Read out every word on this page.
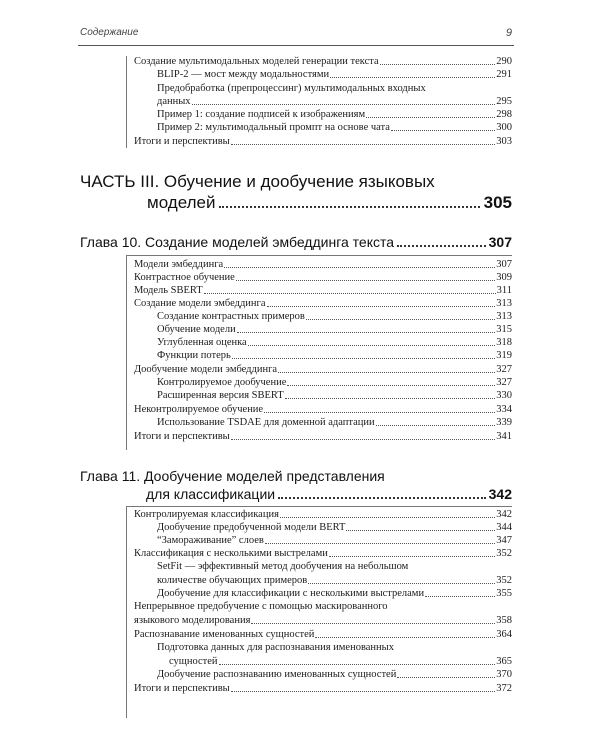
Содержание	9
Создание мультимодальных моделей генерации текста	290
BLIP-2 — мост между модальностями	291
Предобработка (препроцессинг) мультимодальных входных
данных	295
Пример 1: создание подписей к изображениям	298
Пример 2: мультимодальный промпт на основе чата	300
Итоги и перспективы	303
ЧАСТЬ III. Обучение и дообучение языковых
моделей	305
Глава 10. Создание моделей эмбеддинга текста	307
Модели эмбеддинга	307
Контрастное обучение	309
Модель SBERT	311
Создание модели эмбеддинга	313
Создание контрастных примеров	313
Обучение модели	315
Углубленная оценка	318
Функции потерь	319
Дообучение модели эмбеддинга	327
Контролируемое дообучение	327
Расширенная версия SBERT	330
Неконтролируемое обучение	334
Использование TSDAE для доменной адаптации	339
Итоги и перспективы	341
Глава 11. Дообучение моделей представления
для классификации	342
Контролируемая классификация	342
Дообучение предобученной модели BERT	344
“Замораживание” слоев	347
Классификация с несколькими выстрелами	352
SetFit — эффективный метод дообучения на небольшом
количестве обучающих примеров	352
Дообучение для классификации с несколькими выстрелами	355
Непрерывное предобучение с помощью маскированного
языкового моделирования	358
Распознавание именованных сущностей	364
Подготовка данных для распознавания именованных
сущностей	365
Дообучение распознаванию именованных сущностей	370
Итоги и перспективы	372
